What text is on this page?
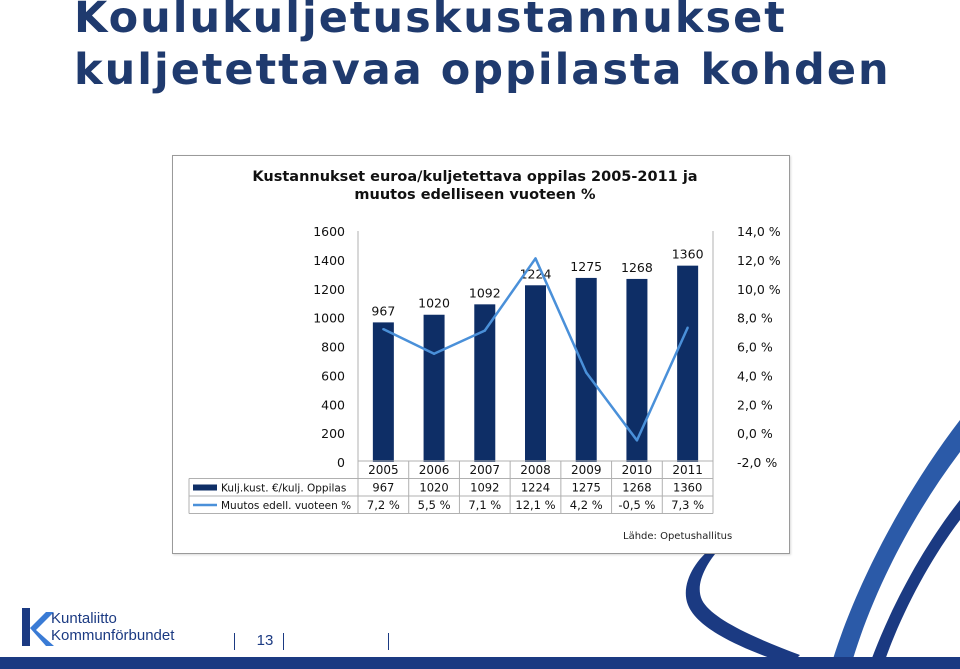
Koulukuljetuskustannukset
kuljetettavaa oppilasta kohden
Kustannukset euroa/kuljetettava oppilas 2005-2011 ja
muutos edelliseen vuoteen %
0
200
400
600
800
1000
1200
1400
1600
-2,0 %
0,0 %
2,0 %
4,0 %
6,0 %
8,0 %
10,0 %
12,0 %
14,0 %
967
1020
1092
1224 1275 1268
1360
2005
967
7,2 %
2006
1020
5,5 %
2007
1092
7,1 %
2008
1224
12,1 %
2009
1275
4,2 %
2010
1268
-0,5 %
2011
1360
7,3 %
Kulj.kust. €/kulj. Oppilas
Muutos edell. vuoteen %
Lähde: Opetushallitus
Kuntaliitto
Kommunförbundet	13
